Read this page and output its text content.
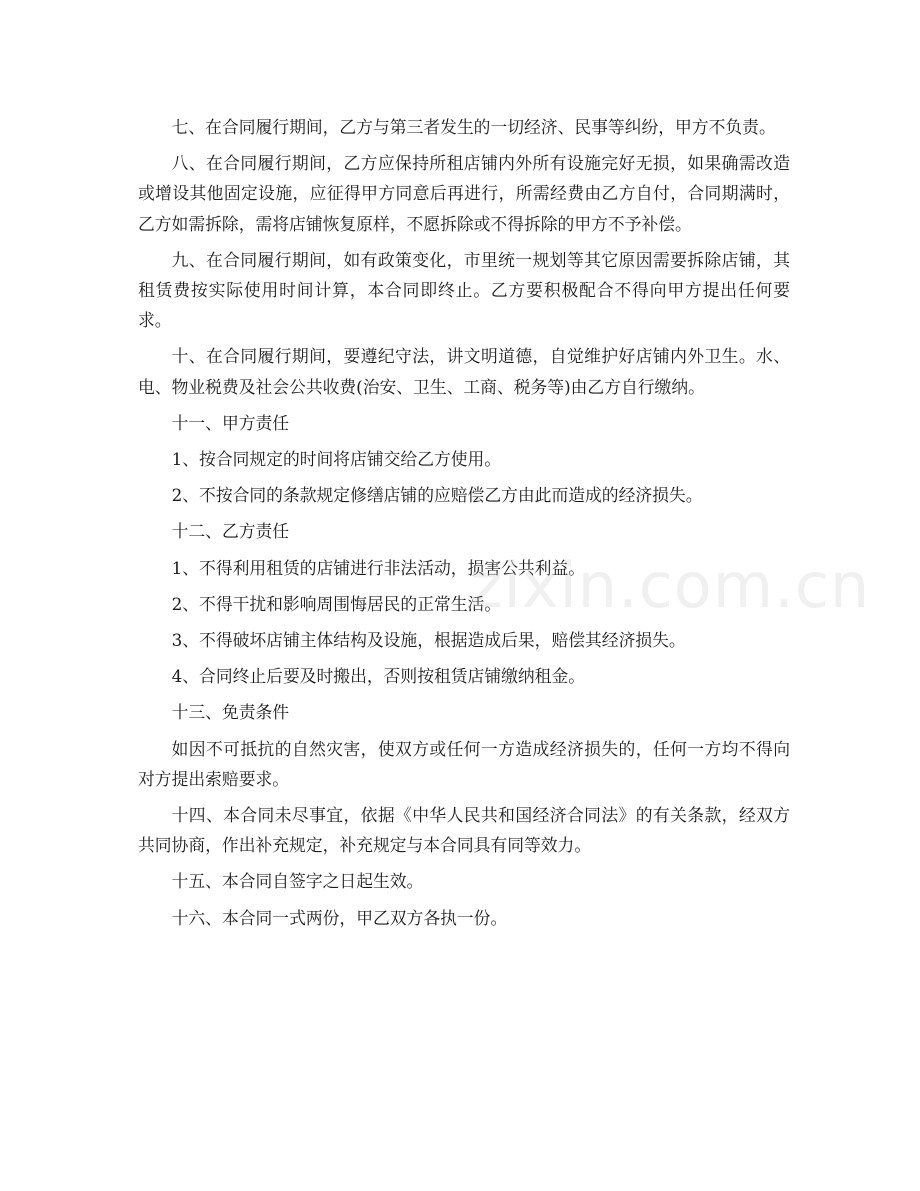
七、在合同履行期间，乙方与第三者发生的一切经济、民事等纠纷，甲方不负责。

八、在合同履行期间，乙方应保持所租店铺内外所有设施完好无损，如果确需改造或增设其他固定设施，应征得甲方同意后再进行，所需经费由乙方自付，合同期满时，乙方如需拆除，需将店铺恢复原样，不愿拆除或不得拆除的甲方不予补偿。

九、在合同履行期间，如有政策变化，市里统一规划等其它原因需要拆除店铺，其租赁费按实际使用时间计算，本合同即终止。乙方要积极配合不得向甲方提出任何要求。

十、在合同履行期间，要遵纪守法，讲文明道德，自觉维护好店铺内外卫生。水、电、物业税费及社会公共收费(治安、卫生、工商、税务等)由乙方自行缴纳。

十一、甲方责任

1、按合同规定的时间将店铺交给乙方使用。

2、不按合同的条款规定修缮店铺的应赔偿乙方由此而造成的经济损失。

十二、乙方责任

1、不得利用租赁的店铺进行非法活动，损害公共利益。

2、不得干扰和影响周围悔居民的正常生活。

3、不得破坏店铺主体结构及设施，根据造成后果，赔偿其经济损失。

4、合同终止后要及时搬出，否则按租赁店铺缴纳租金。

十三、免责条件

如因不可抵抗的自然灾害，使双方或任何一方造成经济损失的，任何一方均不得向对方提出索赔要求。

十四、本合同未尽事宜，依据《中华人民共和国经济合同法》的有关条款，经双方共同协商，作出补充规定，补充规定与本合同具有同等效力。

十五、本合同自签字之日起生效。

十六、本合同一式两份，甲乙双方各执一份。

zixin.com.cn
